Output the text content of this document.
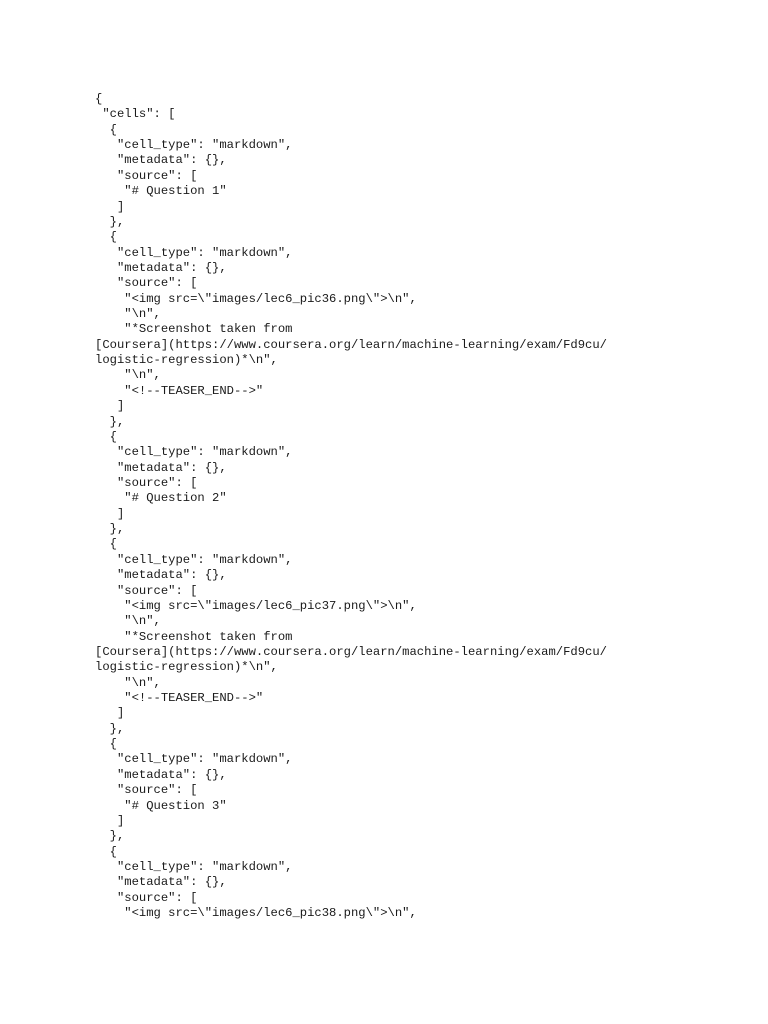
{
"cells": [
{
"cell_type": "markdown",
"metadata": {},
"source": [
"# Question 1"
]
},
{
"cell_type": "markdown",
"metadata": {},
"source": [
"<img src=\"images/lec6_pic36.png\">\n",
"\n",
"*Screenshot taken from
[Coursera](https://www.coursera.org/learn/machine-learning/exam/Fd9cu/
logistic-regression)*\n",
"\n",
"<!--TEASER_END-->"
]
},
{
"cell_type": "markdown",
"metadata": {},
"source": [
"# Question 2"
]
},
{
"cell_type": "markdown",
"metadata": {},
"source": [
"<img src=\"images/lec6_pic37.png\">\n",
"\n",
"*Screenshot taken from
[Coursera](https://www.coursera.org/learn/machine-learning/exam/Fd9cu/
logistic-regression)*\n",
"\n",
"<!--TEASER_END-->"
]
},
{
"cell_type": "markdown",
"metadata": {},
"source": [
"# Question 3"
]
},
{
"cell_type": "markdown",
"metadata": {},
"source": [
"<img src=\"images/lec6_pic38.png\">\n",
